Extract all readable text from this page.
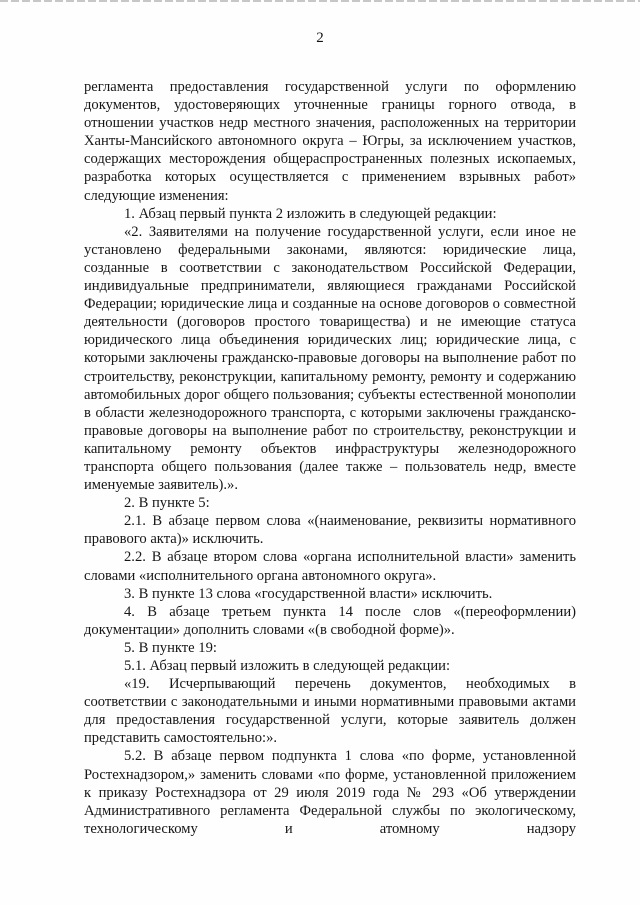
2

регламента предоставления государственной услуги по оформлению документов, удостоверяющих уточненные границы горного отвода, в отношении участков недр местного значения, расположенных на территории Ханты-Мансийского автономного округа – Югры, за исключением участков, содержащих месторождения общераспространенных полезных ископаемых, разработка которых осуществляется с применением взрывных работ» следующие изменения:

1. Абзац первый пункта 2 изложить в следующей редакции:

«2. Заявителями на получение государственной услуги, если иное не установлено федеральными законами, являются: юридические лица, созданные в соответствии с законодательством Российской Федерации, индивидуальные предприниматели, являющиеся гражданами Российской Федерации; юридические лица и созданные на основе договоров о совместной деятельности (договоров простого товарищества) и не имеющие статуса юридического лица объединения юридических лиц; юридические лица, с которыми заключены гражданско-правовые договоры на выполнение работ по строительству, реконструкции, капитальному ремонту, ремонту и содержанию автомобильных дорог общего пользования; субъекты естественной монополии в области железнодорожного транспорта, с которыми заключены гражданско-правовые договоры на выполнение работ по строительству, реконструкции и капитальному ремонту объектов инфраструктуры железнодорожного транспорта общего пользования (далее также – пользователь недр, вместе именуемые заявитель).».

2. В пункте 5:

2.1. В абзаце первом слова «(наименование, реквизиты нормативного правового акта)» исключить.

2.2. В абзаце втором слова «органа исполнительной власти» заменить словами «исполнительного органа автономного округа».

3. В пункте 13 слова «государственной власти» исключить.

4. В абзаце третьем пункта 14 после слов «(переоформлении) документации» дополнить словами «(в свободной форме)».

5. В пункте 19:

5.1. Абзац первый изложить в следующей редакции:

«19. Исчерпывающий перечень документов, необходимых в соответствии с законодательными и иными нормативными правовыми актами для предоставления государственной услуги, которые заявитель должен представить самостоятельно:».

5.2. В абзаце первом подпункта 1 слова «по форме, установленной Ростехнадзором,» заменить словами «по форме, установленной приложением к приказу Ростехнадзора от 29 июля 2019 года № 293 «Об утверждении Административного регламента Федеральной службы по экологическому, технологическому и атомному надзору
